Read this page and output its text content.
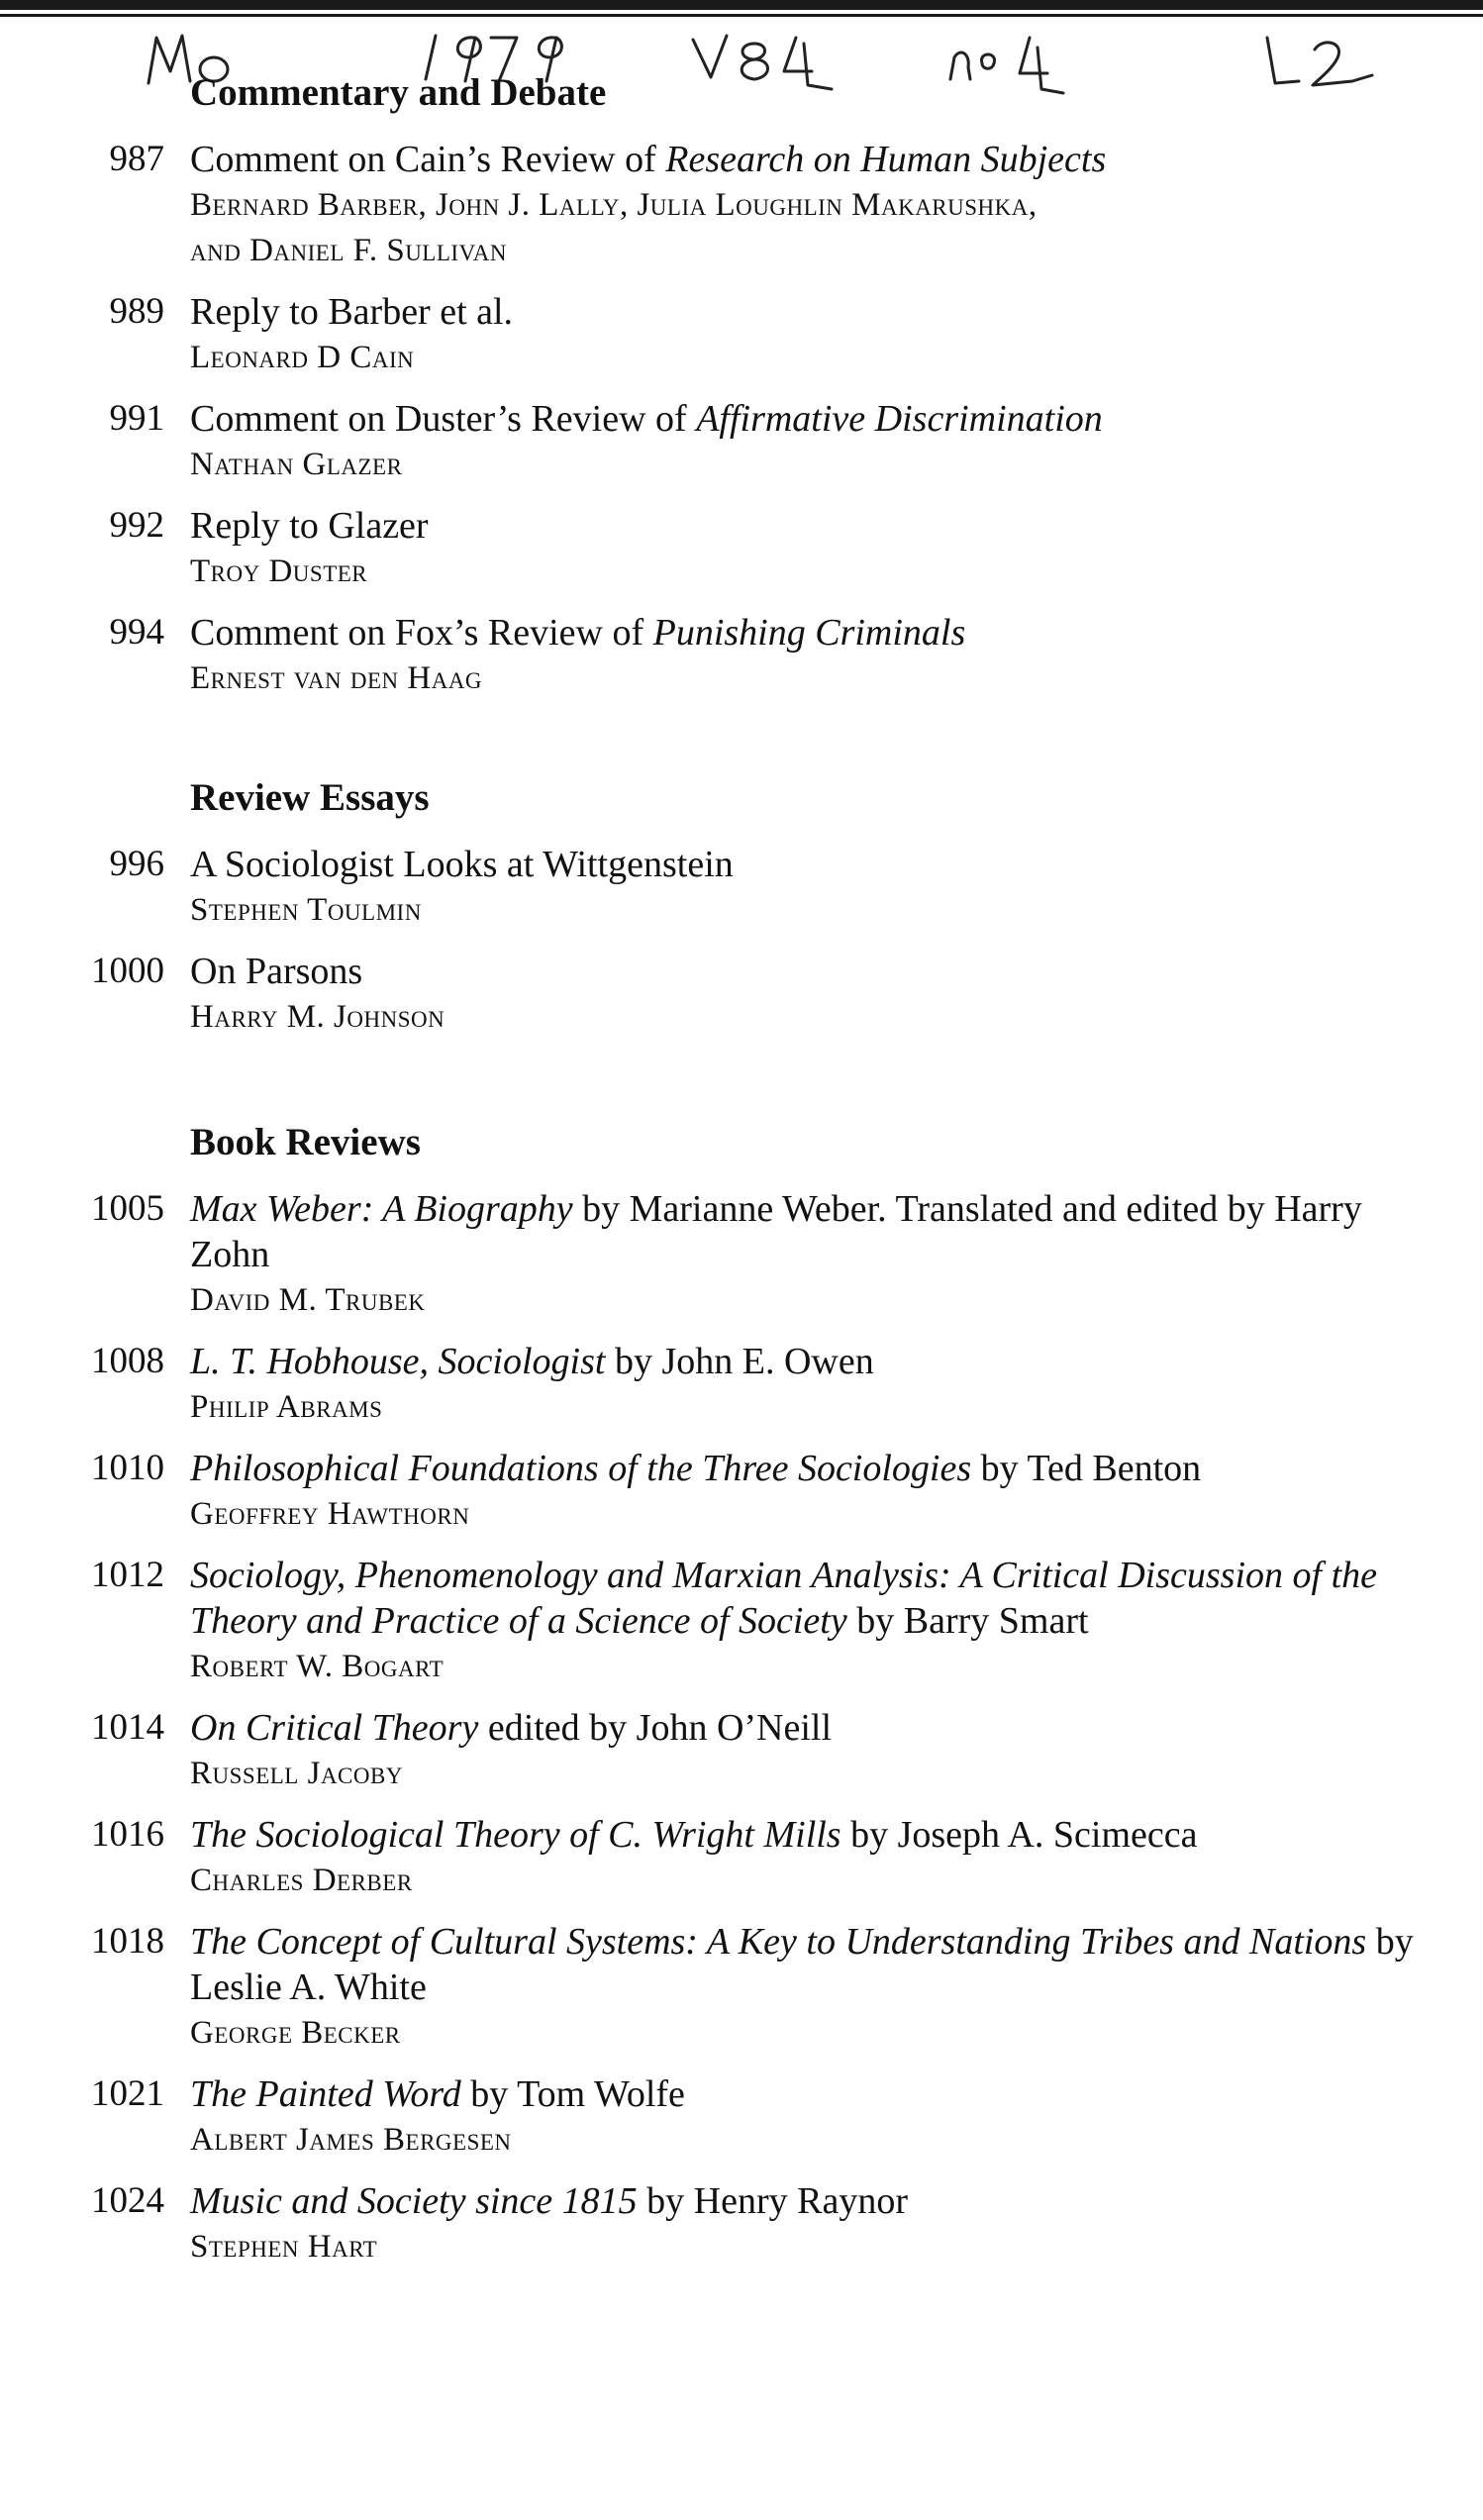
Commentary and Debate
987 Comment on Cain’s Review of Research on Human Subjects
Bernard Barber, John J. Lally, Julia Loughlin Makarushka,
and Daniel F. Sullivan
989 Reply to Barber et al.
Leonard D Cain
991 Comment on Duster’s Review of Affirmative Discrimination
Nathan Glazer
992 Reply to Glazer
Troy Duster
994 Comment on Fox’s Review of Punishing Criminals
Ernest van den Haag
Review Essays
996 A Sociologist Looks at Wittgenstein
Stephen Toulmin
1000 On Parsons
Harry M. Johnson
Book Reviews
1005 Max Weber: A Biography by Marianne Weber. Translated and edited by Harry Zohn
David M. Trubek
1008 L. T. Hobhouse, Sociologist by John E. Owen
Philip Abrams
1010 Philosophical Foundations of the Three Sociologies by Ted Benton
Geoffrey Hawthorn
1012 Sociology, Phenomenology and Marxian Analysis: A Critical Discussion of the Theory and Practice of a Science of Society by Barry Smart
Robert W. Bogart
1014 On Critical Theory edited by John O’Neill
Russell Jacoby
1016 The Sociological Theory of C. Wright Mills by Joseph A. Scimecca
Charles Derber
1018 The Concept of Cultural Systems: A Key to Understanding Tribes and Nations by Leslie A. White
George Becker
1021 The Painted Word by Tom Wolfe
Albert James Bergesen
1024 Music and Society since 1815 by Henry Raynor
Stephen Hart
